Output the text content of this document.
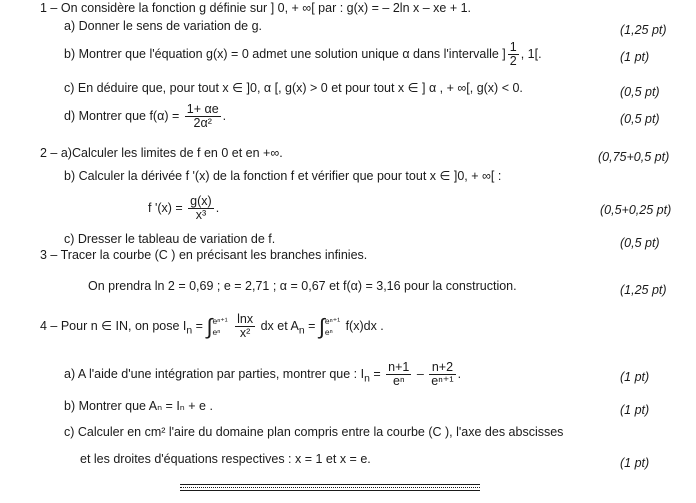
1 – On considère la fonction g définie sur ] 0, + ∞[ par : g(x) = – 2ln x – xe + 1.
a) Donner le sens de variation de g.	(1,25 pt)
b) Montrer que l'équation g(x) = 0 admet une solution unique α dans l'intervalle ] $\frac{1}{2}$ , 1[.	(1 pt)
c) En déduire que, pour tout x ∈ ]0, α [, g(x) > 0 et pour tout x ∈ ] α , + ∞[, g(x) < 0.	(0,5 pt)
d) Montrer que $f(\alpha) = \frac{1+ \alpha e}{\text{2α²}}$ .	(0,5 pt)
2 – a)Calculer les limites de f en 0 et en +∞.	(0,75+0,5 pt)
b) Calculer la dérivée f '(x) de la fonction f et vérifier que pour tout x ∈ ]0, + ∞[ :
f '$(x) = \frac{g(x)}{\text{x³}}$ .	(0,5+0,25 pt)
c) Dresser le tableau de variation de f.	(0,5 pt)
3 – Tracer la courbe (C ) en précisant les branches infinies.
On prendra ln 2 = 0,69 ; e = 2,71 ; α = 0,67 et f(α) = 3,16 pour la construction.	(1,25 pt)
4 – Pour n ∈ IN, on pose $I_n$ = ∫ eⁿ⁺¹
eⁿ
	$\frac{\ln x}{\text{x²}}$ dx et $A_n$ = ∫ eⁿ⁺¹
eⁿ	f(x)dx .
a) A l'aide d'une intégration par parties, montrer que : $I_n = \frac{n+1}{\text{eⁿ}} - \frac{n+2}{\text{eⁿ⁺¹}}$ .	(1 pt)
b) Montrer que Aₙ = Iₙ + e .	(1 pt)
c) Calculer en cm² l'aire du domaine plan compris entre la courbe (C ), l'axe des abscisses
et les droites d'équations respectives : x = 1 et x = e.	(1 pt)
